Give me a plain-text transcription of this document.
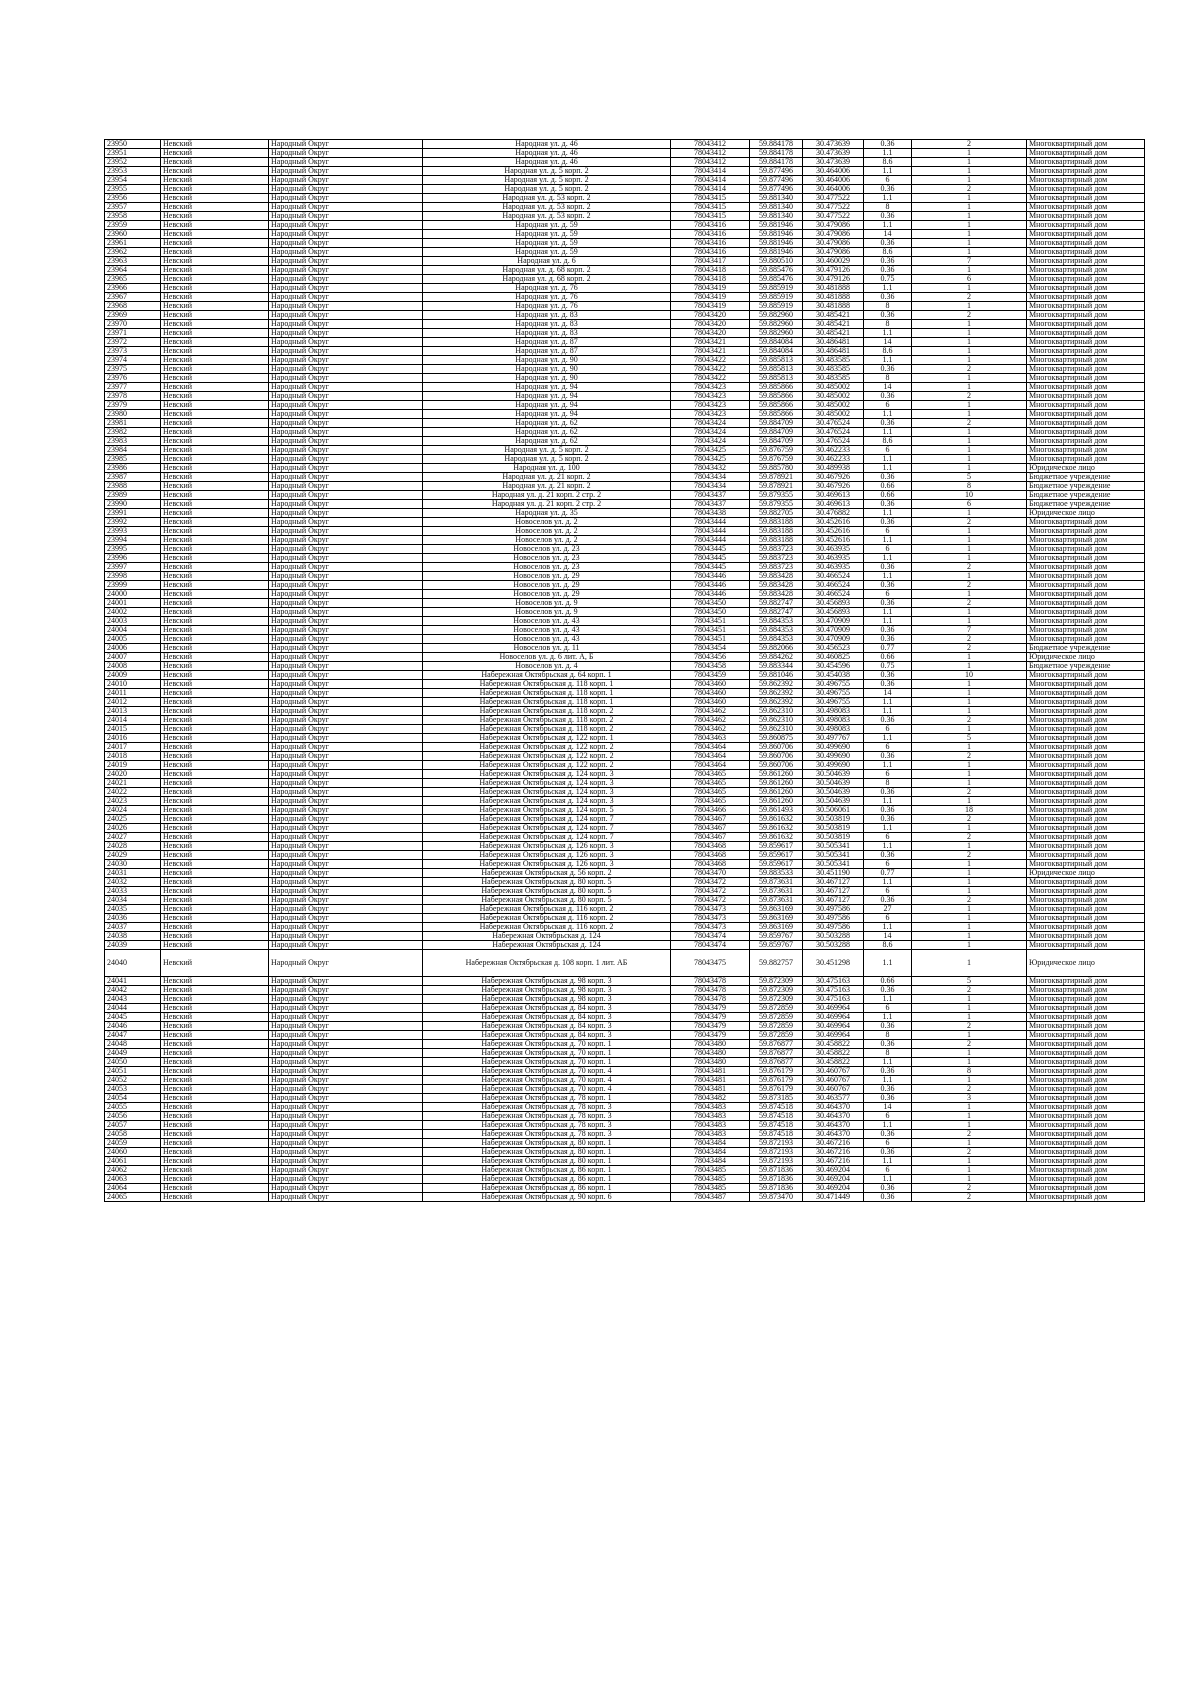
23950	Невский	Народный Округ	Народная ул. д. 46	78043412	59.884178	30.473639	0.36	2	Многоквартирный дом
23951	Невский	Народный Округ	Народная ул. д. 46	78043412	59.884178	30.473639	1.1	1	Многоквартирный дом
23952	Невский	Народный Округ	Народная ул. д. 46	78043412	59.884178	30.473639	8.6	1	Многоквартирный дом
23953	Невский	Народный Округ	Народная ул. д. 5 корп. 2	78043414	59.877496	30.464006	1.1	1	Многоквартирный дом
23954	Невский	Народный Округ	Народная ул. д. 5 корп. 2	78043414	59.877496	30.464006	6	1	Многоквартирный дом
23955	Невский	Народный Округ	Народная ул. д. 5 корп. 2	78043414	59.877496	30.464006	0.36	2	Многоквартирный дом
23956	Невский	Народный Округ	Народная ул. д. 53 корп. 2	78043415	59.881340	30.477522	1.1	1	Многоквартирный дом
23957	Невский	Народный Округ	Народная ул. д. 53 корп. 2	78043415	59.881340	30.477522	8	1	Многоквартирный дом
23958	Невский	Народный Округ	Народная ул. д. 53 корп. 2	78043415	59.881340	30.477522	0.36	1	Многоквартирный дом
23959	Невский	Народный Округ	Народная ул. д. 59	78043416	59.881946	30.479086	1.1	1	Многоквартирный дом
23960	Невский	Народный Округ	Народная ул. д. 59	78043416	59.881946	30.479086	14	1	Многоквартирный дом
23961	Невский	Народный Округ	Народная ул. д. 59	78043416	59.881946	30.479086	0.36	1	Многоквартирный дом
23962	Невский	Народный Округ	Народная ул. д. 59	78043416	59.881946	30.479086	8.6	1	Многоквартирный дом
23963	Невский	Народный Округ	Народная ул. д. 6	78043417	59.880510	30.460029	0.36	7	Многоквартирный дом
23964	Невский	Народный Округ	Народная ул. д. 68 корп. 2	78043418	59.885476	30.479126	0.36	1	Многоквартирный дом
23965	Невский	Народный Округ	Народная ул. д. 68 корп. 2	78043418	59.885476	30.479126	0.75	6	Многоквартирный дом
23966	Невский	Народный Округ	Народная ул. д. 76	78043419	59.885919	30.481888	1.1	1	Многоквартирный дом
23967	Невский	Народный Округ	Народная ул. д. 76	78043419	59.885919	30.481888	0.36	2	Многоквартирный дом
23968	Невский	Народный Округ	Народная ул. д. 76	78043419	59.885919	30.481888	8	1	Многоквартирный дом
23969	Невский	Народный Округ	Народная ул. д. 83	78043420	59.882960	30.485421	0.36	2	Многоквартирный дом
23970	Невский	Народный Округ	Народная ул. д. 83	78043420	59.882960	30.485421	8	1	Многоквартирный дом
23971	Невский	Народный Округ	Народная ул. д. 83	78043420	59.882960	30.485421	1.1	1	Многоквартирный дом
23972	Невский	Народный Округ	Народная ул. д. 87	78043421	59.884084	30.486481	14	1	Многоквартирный дом
23973	Невский	Народный Округ	Народная ул. д. 87	78043421	59.884084	30.486481	8.6	1	Многоквартирный дом
23974	Невский	Народный Округ	Народная ул. д. 90	78043422	59.885813	30.483585	1.1	1	Многоквартирный дом
23975	Невский	Народный Округ	Народная ул. д. 90	78043422	59.885813	30.483585	0.36	2	Многоквартирный дом
23976	Невский	Народный Округ	Народная ул. д. 90	78043422	59.885813	30.483585	8	1	Многоквартирный дом
23977	Невский	Народный Округ	Народная ул. д. 94	78043423	59.885866	30.485002	14	1	Многоквартирный дом
23978	Невский	Народный Округ	Народная ул. д. 94	78043423	59.885866	30.485002	0.36	2	Многоквартирный дом
23979	Невский	Народный Округ	Народная ул. д. 94	78043423	59.885866	30.485002	6	1	Многоквартирный дом
23980	Невский	Народный Округ	Народная ул. д. 94	78043423	59.885866	30.485002	1.1	1	Многоквартирный дом
23981	Невский	Народный Округ	Народная ул. д. 62	78043424	59.884709	30.476524	0.36	2	Многоквартирный дом
23982	Невский	Народный Округ	Народная ул. д. 62	78043424	59.884709	30.476524	1.1	1	Многоквартирный дом
23983	Невский	Народный Округ	Народная ул. д. 62	78043424	59.884709	30.476524	8.6	1	Многоквартирный дом
23984	Невский	Народный Округ	Народная ул. д. 5 корп. 2	78043425	59.876759	30.462233	6	1	Многоквартирный дом
23985	Невский	Народный Округ	Народная ул. д. 5 корп. 2	78043425	59.876759	30.462233	1.1	1	Многоквартирный дом
23986	Невский	Народный Округ	Народная ул. д. 100	78043432	59.885780	30.489938	1.1	1	Юридическое лицо
23987	Невский	Народный Округ	Народная ул. д. 21 корп. 2	78043434	59.878921	30.467926	0.36	5	Бюджетное учреждение
23988	Невский	Народный Округ	Народная ул. д. 21 корп. 2	78043434	59.878921	30.467926	0.66	8	Бюджетное учреждение
23989	Невский	Народный Округ	Народная ул. д. 21 корп. 2 стр. 2	78043437	59.879355	30.469613	0.66	10	Бюджетное учреждение
23990	Невский	Народный Округ	Народная ул. д. 21 корп. 2 стр. 2	78043437	59.879355	30.469613	0.36	6	Бюджетное учреждение
23991	Невский	Народный Округ	Народная ул. д. 35	78043438	59.882705	30.476882	1.1	1	Юридическое лицо
23992	Невский	Народный Округ	Новоселов ул. д. 2	78043444	59.883188	30.452616	0.36	2	Многоквартирный дом
23993	Невский	Народный Округ	Новоселов ул. д. 2	78043444	59.883188	30.452616	6	1	Многоквартирный дом
23994	Невский	Народный Округ	Новоселов ул. д. 2	78043444	59.883188	30.452616	1.1	1	Многоквартирный дом
23995	Невский	Народный Округ	Новоселов ул. д. 23	78043445	59.883723	30.463935	6	1	Многоквартирный дом
23996	Невский	Народный Округ	Новоселов ул. д. 23	78043445	59.883723	30.463935	1.1	1	Многоквартирный дом
23997	Невский	Народный Округ	Новоселов ул. д. 23	78043445	59.883723	30.463935	0.36	2	Многоквартирный дом
23998	Невский	Народный Округ	Новоселов ул. д. 29	78043446	59.883428	30.466524	1.1	1	Многоквартирный дом
23999	Невский	Народный Округ	Новоселов ул. д. 29	78043446	59.883428	30.466524	0.36	2	Многоквартирный дом
24000	Невский	Народный Округ	Новоселов ул. д. 29	78043446	59.883428	30.466524	6	1	Многоквартирный дом
24001	Невский	Народный Округ	Новоселов ул. д. 9	78043450	59.882747	30.456893	0.36	2	Многоквартирный дом
24002	Невский	Народный Округ	Новоселов ул. д. 9	78043450	59.882747	30.456893	1.1	1	Многоквартирный дом
24003	Невский	Народный Округ	Новоселов ул. д. 43	78043451	59.884353	30.470909	1.1	1	Многоквартирный дом
24004	Невский	Народный Округ	Новоселов ул. д. 43	78043451	59.884353	30.470909	0.36	7	Многоквартирный дом
24005	Невский	Народный Округ	Новоселов ул. д. 43	78043451	59.884353	30.470909	0.36	2	Многоквартирный дом
24006	Невский	Народный Округ	Новоселов ул. д. 11	78043454	59.882066	30.456523	0.77	2	Бюджетное учреждение
24007	Невский	Народный Округ	Новоселов ул. д. 6 лит. А, Б	78043456	59.884262	30.460825	0.66	1	Юридическое лицо
24008	Невский	Народный Округ	Новоселов ул. д. 4	78043458	59.883344	30.454596	0.75	1	Бюджетное учреждение
24009	Невский	Народный Округ	Набережная Октябрьская д. 64 корп. 1	78043459	59.881046	30.454038	0.36	10	Многоквартирный дом
24010	Невский	Народный Округ	Набережная Октябрьская д. 118 корп. 1	78043460	59.862392	30.496755	0.36	1	Многоквартирный дом
24011	Невский	Народный Округ	Набережная Октябрьская д. 118 корп. 1	78043460	59.862392	30.496755	14	1	Многоквартирный дом
24012	Невский	Народный Округ	Набережная Октябрьская д. 118 корп. 1	78043460	59.862392	30.496755	1.1	1	Многоквартирный дом
24013	Невский	Народный Округ	Набережная Октябрьская д. 118 корп. 2	78043462	59.862310	30.498083	1.1	1	Многоквартирный дом
24014	Невский	Народный Округ	Набережная Октябрьская д. 118 корп. 2	78043462	59.862310	30.498083	0.36	2	Многоквартирный дом
24015	Невский	Народный Округ	Набережная Октябрьская д. 118 корп. 2	78043462	59.862310	30.498083	6	1	Многоквартирный дом
24016	Невский	Народный Округ	Набережная Октябрьская д. 122 корп. 1	78043463	59.860875	30.497767	1.1	5	Многоквартирный дом
24017	Невский	Народный Округ	Набережная Октябрьская д. 122 корп. 2	78043464	59.860706	30.499690	6	1	Многоквартирный дом
24018	Невский	Народный Округ	Набережная Октябрьская д. 122 корп. 2	78043464	59.860706	30.499690	0.36	2	Многоквартирный дом
24019	Невский	Народный Округ	Набережная Октябрьская д. 122 корп. 2	78043464	59.860706	30.499690	1.1	1	Многоквартирный дом
24020	Невский	Народный Округ	Набережная Октябрьская д. 124 корп. 3	78043465	59.861260	30.504639	6	1	Многоквартирный дом
24021	Невский	Народный Округ	Набережная Октябрьская д. 124 корп. 3	78043465	59.861260	30.504639	8	1	Многоквартирный дом
24022	Невский	Народный Округ	Набережная Октябрьская д. 124 корп. 3	78043465	59.861260	30.504639	0.36	2	Многоквартирный дом
24023	Невский	Народный Округ	Набережная Октябрьская д. 124 корп. 3	78043465	59.861260	30.504639	1.1	1	Многоквартирный дом
24024	Невский	Народный Округ	Набережная Октябрьская д. 124 корп. 5	78043466	59.861493	30.506061	0.36	18	Многоквартирный дом
24025	Невский	Народный Округ	Набережная Октябрьская д. 124 корп. 7	78043467	59.861632	30.503819	0.36	2	Многоквартирный дом
24026	Невский	Народный Округ	Набережная Октябрьская д. 124 корп. 7	78043467	59.861632	30.503819	1.1	1	Многоквартирный дом
24027	Невский	Народный Округ	Набережная Октябрьская д. 124 корп. 7	78043467	59.861632	30.503819	6	2	Многоквартирный дом
24028	Невский	Народный Округ	Набережная Октябрьская д. 126 корп. 3	78043468	59.859617	30.505341	1.1	1	Многоквартирный дом
24029	Невский	Народный Округ	Набережная Октябрьская д. 126 корп. 3	78043468	59.859617	30.505341	0.36	2	Многоквартирный дом
24030	Невский	Народный Округ	Набережная Октябрьская д. 126 корп. 3	78043468	59.859617	30.505341	6	1	Многоквартирный дом
24031	Невский	Народный Округ	Набережная Октябрьская д. 56 корп. 2	78043470	59.883533	30.451190	0.77	1	Юридическое лицо
24032	Невский	Народный Округ	Набережная Октябрьская д. 80 корп. 5	78043472	59.873631	30.467127	1.1	1	Многоквартирный дом
24033	Невский	Народный Округ	Набережная Октябрьская д. 80 корп. 5	78043472	59.873631	30.467127	6	1	Многоквартирный дом
24034	Невский	Народный Округ	Набережная Октябрьская д. 80 корп. 5	78043472	59.873631	30.467127	0.36	2	Многоквартирный дом
24035	Невский	Народный Округ	Набережная Октябрьская д. 116 корп. 2	78043473	59.863169	30.497586	27	1	Многоквартирный дом
24036	Невский	Народный Округ	Набережная Октябрьская д. 116 корп. 2	78043473	59.863169	30.497586	6	1	Многоквартирный дом
24037	Невский	Народный Округ	Набережная Октябрьская д. 116 корп. 2	78043473	59.863169	30.497586	1.1	1	Многоквартирный дом
24038	Невский	Народный Округ	Набережная Октябрьская д. 124	78043474	59.859767	30.503288	14	1	Многоквартирный дом
24039	Невский	Народный Округ	Набережная Октябрьская д. 124	78043474	59.859767	30.503288	8.6	1	Многоквартирный дом
24040	Невский	Народный Округ	Набережная Октябрьская д. 108 корп. 1 лит. АБ	78043475	59.882757	30.451298	1.1	1	Юридическое лицо
24041	Невский	Народный Округ	Набережная Октябрьская д. 98 корп. 3	78043478	59.872309	30.475163	0.66	5	Многоквартирный дом
24042	Невский	Народный Округ	Набережная Октябрьская д. 98 корп. 3	78043478	59.872309	30.475163	0.36	2	Многоквартирный дом
24043	Невский	Народный Округ	Набережная Октябрьская д. 98 корп. 3	78043478	59.872309	30.475163	1.1	1	Многоквартирный дом
24044	Невский	Народный Округ	Набережная Октябрьская д. 84 корп. 3	78043479	59.872859	30.469964	6	1	Многоквартирный дом
24045	Невский	Народный Округ	Набережная Октябрьская д. 84 корп. 3	78043479	59.872859	30.469964	1.1	1	Многоквартирный дом
24046	Невский	Народный Округ	Набережная Октябрьская д. 84 корп. 3	78043479	59.872859	30.469964	0.36	2	Многоквартирный дом
24047	Невский	Народный Округ	Набережная Октябрьская д. 84 корп. 3	78043479	59.872859	30.469964	8	1	Многоквартирный дом
24048	Невский	Народный Округ	Набережная Октябрьская д. 70 корп. 1	78043480	59.876877	30.458822	0.36	2	Многоквартирный дом
24049	Невский	Народный Округ	Набережная Октябрьская д. 70 корп. 1	78043480	59.876877	30.458822	8	1	Многоквартирный дом
24050	Невский	Народный Округ	Набережная Октябрьская д. 70 корп. 1	78043480	59.876877	30.458822	1.1	1	Многоквартирный дом
24051	Невский	Народный Округ	Набережная Октябрьская д. 70 корп. 4	78043481	59.876179	30.460767	0.36	8	Многоквартирный дом
24052	Невский	Народный Округ	Набережная Октябрьская д. 70 корп. 4	78043481	59.876179	30.460767	1.1	1	Многоквартирный дом
24053	Невский	Народный Округ	Набережная Октябрьская д. 70 корп. 4	78043481	59.876179	30.460767	0.36	2	Многоквартирный дом
24054	Невский	Народный Округ	Набережная Октябрьская д. 78 корп. 1	78043482	59.873185	30.463577	0.36	3	Многоквартирный дом
24055	Невский	Народный Округ	Набережная Октябрьская д. 78 корп. 3	78043483	59.874518	30.464370	14	1	Многоквартирный дом
24056	Невский	Народный Округ	Набережная Октябрьская д. 78 корп. 3	78043483	59.874518	30.464370	6	1	Многоквартирный дом
24057	Невский	Народный Округ	Набережная Октябрьская д. 78 корп. 3	78043483	59.874518	30.464370	1.1	1	Многоквартирный дом
24058	Невский	Народный Округ	Набережная Октябрьская д. 78 корп. 3	78043483	59.874518	30.464370	0.36	2	Многоквартирный дом
24059	Невский	Народный Округ	Набережная Октябрьская д. 80 корп. 1	78043484	59.872193	30.467216	6	1	Многоквартирный дом
24060	Невский	Народный Округ	Набережная Октябрьская д. 80 корп. 1	78043484	59.872193	30.467216	0.36	2	Многоквартирный дом
24061	Невский	Народный Округ	Набережная Октябрьская д. 80 корп. 1	78043484	59.872193	30.467216	1.1	1	Многоквартирный дом
24062	Невский	Народный Округ	Набережная Октябрьская д. 86 корп. 1	78043485	59.871836	30.469204	6	1	Многоквартирный дом
24063	Невский	Народный Округ	Набережная Октябрьская д. 86 корп. 1	78043485	59.871836	30.469204	1.1	1	Многоквартирный дом
24064	Невский	Народный Округ	Набережная Октябрьская д. 86 корп. 1	78043485	59.871836	30.469204	0.36	2	Многоквартирный дом
24065	Невский	Народный Округ	Набережная Октябрьская д. 90 корп. 6	78043487	59.873470	30.471449	0.36	2	Многоквартирный дом
